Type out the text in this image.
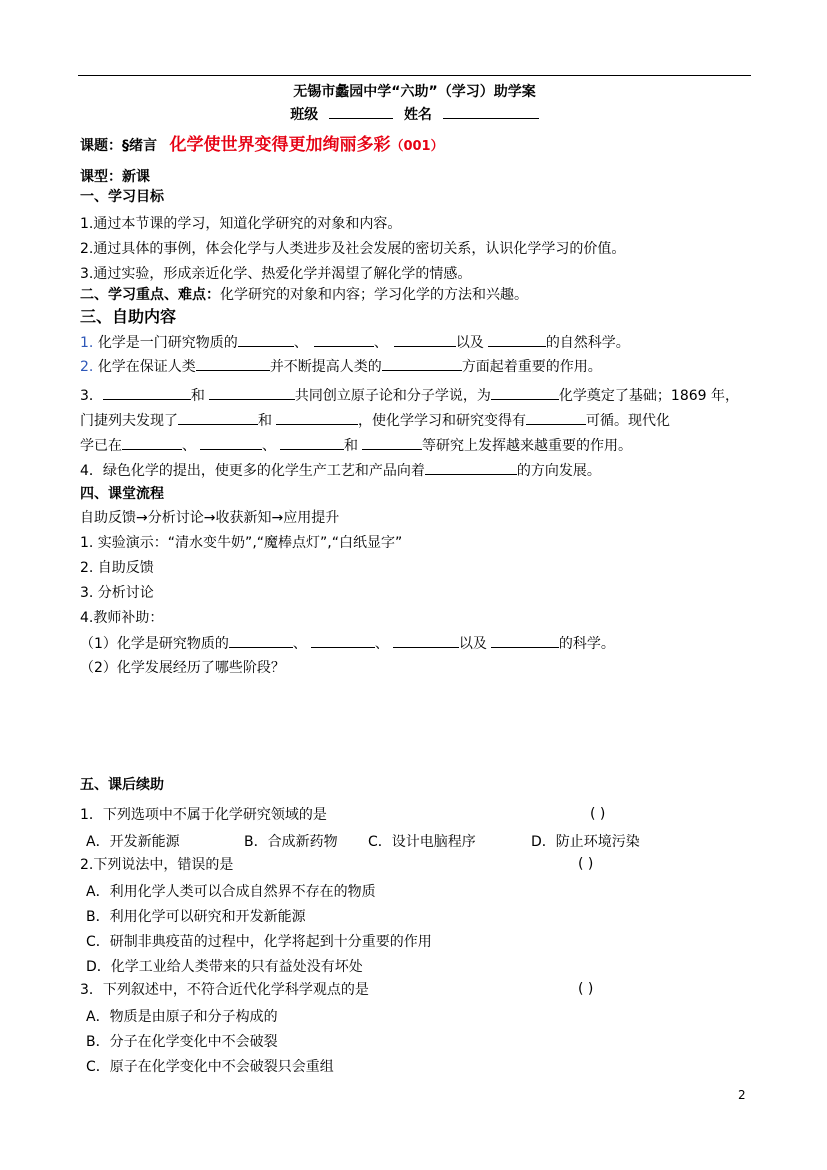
无锡市蠡园中学“六助”（学习）助学案
班级	姓名
课题：§绪言 化学使世界变得更加绚丽多彩（001）
课型：新课
一、学习目标
1.通过本节课的学习，知道化学研究的对象和内容。
2.通过具体的事例，体会化学与人类进步及社会发展的密切关系，认识化学学习的价值。
3.通过实验，形成亲近化学、热爱化学并渴望了解化学的情感。
二、学习重点、难点：化学研究的对象和内容；学习化学的方法和兴趣。
三、自助内容
1. 化学是一门研究物质的	、	、	以及	的自然科学。
2. 化学在保证人类	并不断提高人类的	方面起着重要的作用。
3．	和	共同创立原子论和分子学说，为	化学奠定了基础；1869 年，
门捷列夫发现了	和	，使化学学习和研究变得有	可循。现代化
学已在	、	、	和	等研究上发挥越来越重要的作用。
4．绿色化学的提出，使更多的化学生产工艺和产品向着	的方向发展。
四、课堂流程
自助反馈→分析讨论→收获新知→应用提升
1. 实验演示：“清水变牛奶”,“魔棒点灯”,“白纸显字”
2. 自助反馈
3. 分析讨论
4.教师补助：
（1）化学是研究物质的	、	、	以及	的科学。
（2）化学发展经历了哪些阶段？
五、课后续助
1．下列选项中不属于化学研究领域的是	( )
A．开发新能源	B．合成新药物 C．设计电脑程序	D．防止环境污染
2.下列说法中，错误的是	( )
A．利用化学人类可以合成自然界不存在的物质
B．利用化学可以研究和开发新能源
C．研制非典疫苗的过程中，化学将起到十分重要的作用
D．化学工业给人类带来的只有益处没有坏处
3．下列叙述中，不符合近代化学科学观点的是	( )
A．物质是由原子和分子构成的
B．分子在化学变化中不会破裂
C．原子在化学变化中不会破裂只会重组
2
